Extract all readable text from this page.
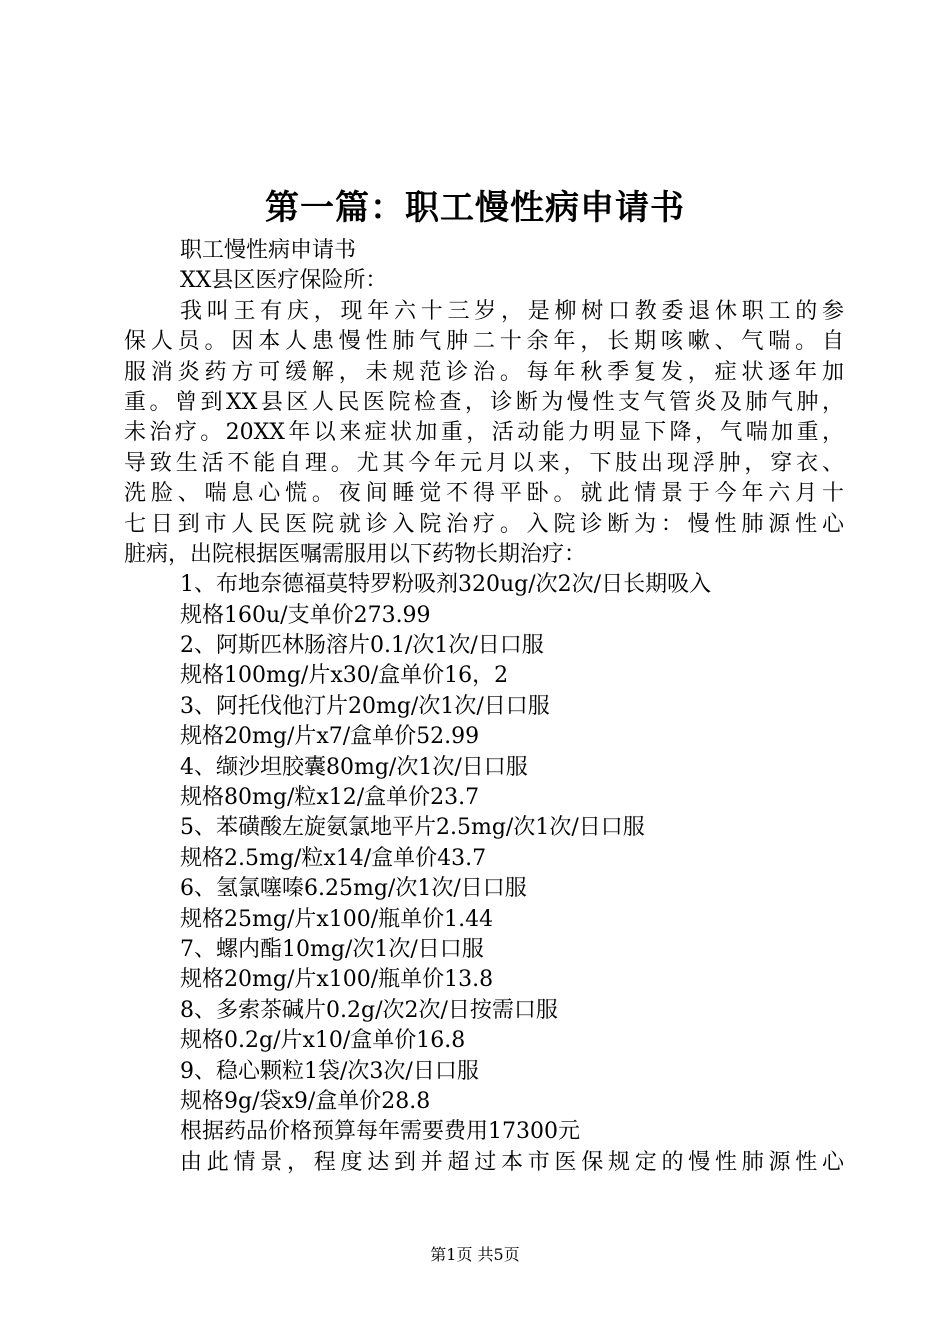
第一篇：职工慢性病申请书
职工慢性病申请书
XX县区医疗保险所：
我叫王有庆，现年六十三岁，是柳树口教委退休职工的参
保人员。因本人患慢性肺气肿二十余年，长期咳嗽、气喘。自
服消炎药方可缓解，未规范诊治。每年秋季复发，症状逐年加
重。曾到XX县区人民医院检查，诊断为慢性支气管炎及肺气肿，
未治疗。20XX年以来症状加重，活动能力明显下降，气喘加重，
导致生活不能自理。尤其今年元月以来，下肢出现浮肿，穿衣、
洗脸、喘息心慌。夜间睡觉不得平卧。就此情景于今年六月十
七日到市人民医院就诊入院治疗。入院诊断为：慢性肺源性心
脏病，出院根据医嘱需服用以下药物长期治疗：
1、布地奈德福莫特罗粉吸剂320ug/次2次/日长期吸入
规格160u/支单价273.99
2、阿斯匹林肠溶片0.1/次1次/日口服
规格100mg/片x30/盒单价16，2
3、阿托伐他汀片20mg/次1次/日口服
规格20mg/片x7/盒单价52.99
4、缬沙坦胶囊80mg/次1次/日口服
规格80mg/粒x12/盒单价23.7
5、苯磺酸左旋氨氯地平片2.5mg/次1次/日口服
规格2.5mg/粒x14/盒单价43.7
6、氢氯噻嗪6.25mg/次1次/日口服
规格25mg/片x100/瓶单价1.44
7、螺内酯10mg/次1次/日口服
规格20mg/片x100/瓶单价13.8
8、多索茶碱片0.2g/次2次/日按需口服
规格0.2g/片x10/盒单价16.8
9、稳心颗粒1袋/次3次/日口服
规格9g/袋x9/盒单价28.8
根据药品价格预算每年需要费用17300元
由此情景，程度达到并超过本市医保规定的慢性肺源性心
第1页 共5页
